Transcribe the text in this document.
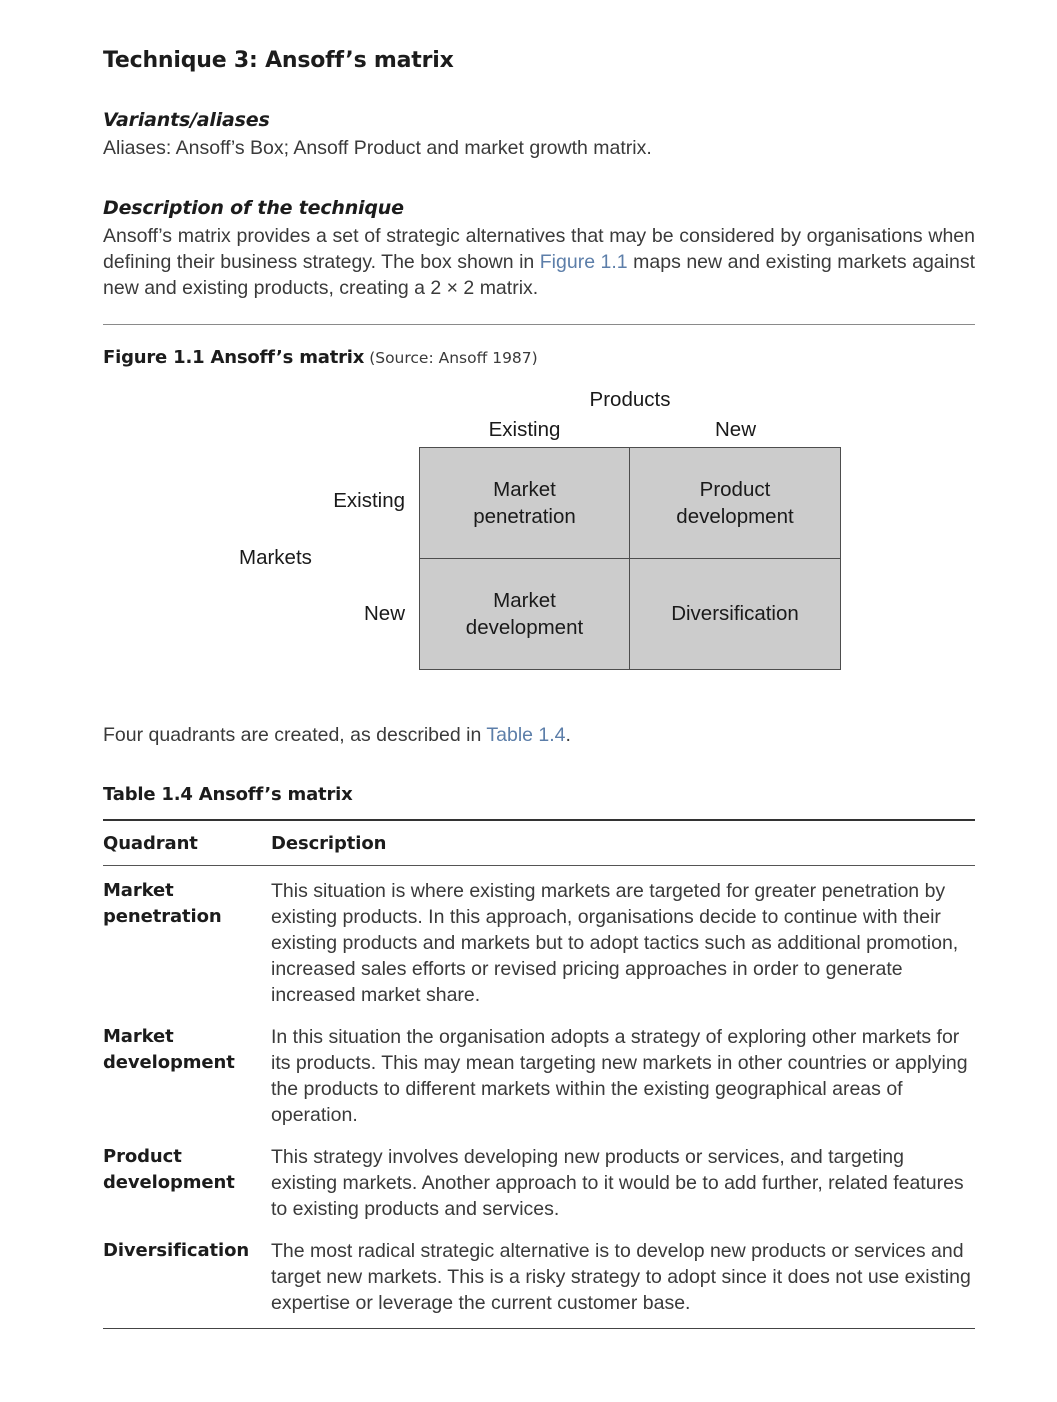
Technique 3: Ansoff’s matrix
Variants/aliases

Aliases: Ansoff’s Box; Ansoff Product and market growth matrix.

Description of the technique

Ansoff’s matrix provides a set of strategic alternatives that may be considered by organisations when defining their business strategy. The box shown in Figure 1.1 maps new and existing markets against new and existing products, creating a 2 × 2 matrix.

Figure 1.1 Ansoff’s matrix (Source: Ansoff 1987)
Products
Existing	New
Markets
Existing
New
Market
penetration
Product
development
Market
development
Diversification
Four quadrants are created, as described in Table 1.4.
Table 1.4 Ansoff’s matrix
Quadrant	Description
Market penetration	This situation is where existing markets are targeted for greater penetration by existing products. In this approach, organisations decide to continue with their existing products and markets but to adopt tactics such as additional promotion, increased sales efforts or revised pricing approaches in order to generate increased market share.

Market development	In this situation the organisation adopts a strategy of exploring other markets for its products. This may mean targeting new markets in other countries or applying the products to different markets within the existing geographical areas of operation.

Product development	This strategy involves developing new products or services, and targeting existing markets. Another approach to it would be to add further, related features to existing products and services.

Diversification	The most radical strategic alternative is to develop new products or services and target new markets. This is a risky strategy to adopt since it does not use existing expertise or leverage the current customer base.
